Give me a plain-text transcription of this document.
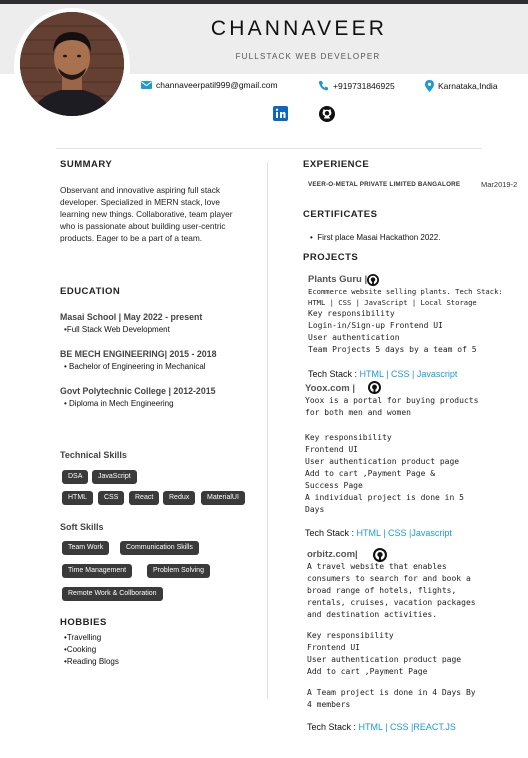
CHANNAVEER
FULLSTACK WEB DEVELOPER
channaveerpatil999@gmail.com	+919731846925	Karnataka,India
SUMMARY
Observant and innovative aspiring full stack
developer. Specialized in MERN stack, love
learning new things. Collaborative, team player
who is passionate about building user-centric
products. Eager to be a part of a team.
EDUCATION
Masai School | May 2022 - present
•Full Stack Web Development
BE MECH ENGINEERING| 2015 - 2018
• Bachelor of Engineering in Mechanical
Govt Polytechnic College | 2012-2015
• Diploma in Mech Engineering
Technical Skills
DSA	JavaScript
HTML	CSS	React	Redux	MaterialUI
Soft Skills
Team Work	Communication Skills
Time Management	Problem Solving
Remote Work & Collboration
HOBBIES
•Travelling
•Cooking
•Reading Blogs
EXPERIENCE
VEER-O-METAL PRIVATE LIMITED BANGALORE	Mar2019-2
CERTIFICATES
•  First place Masai Hackathon 2022.
PROJECTS
Plants Guru |
Ecommerce website selling plants. Tech Stack:
HTML | CSS | JavaScript | Local Storage
Key responsibility
Login-in/Sign-up Frontend UI
User authentication
Team Projects 5 days by a team of 5
Tech Stack : HTML | CSS | Javascript
Yoox.com |
Yoox is a portal for buying products
for both men and women
Key responsibility
Frontend UI
User authentication product page
Add to cart ,Payment Page &
Success Page
A individual project is done in 5
Days
Tech Stack : HTML | CSS |Javascript
orbitz.com|
A travel website that enables
consumers to search for and book a
broad range of hotels, flights,
rentals, cruises, vacation packages
and destination activities.
Key responsibility
Frontend UI
User authentication product page
Add to cart ,Payment Page
A Team project is done in 4 Days By
4 members
Tech Stack : HTML | CSS |REACT.JS
